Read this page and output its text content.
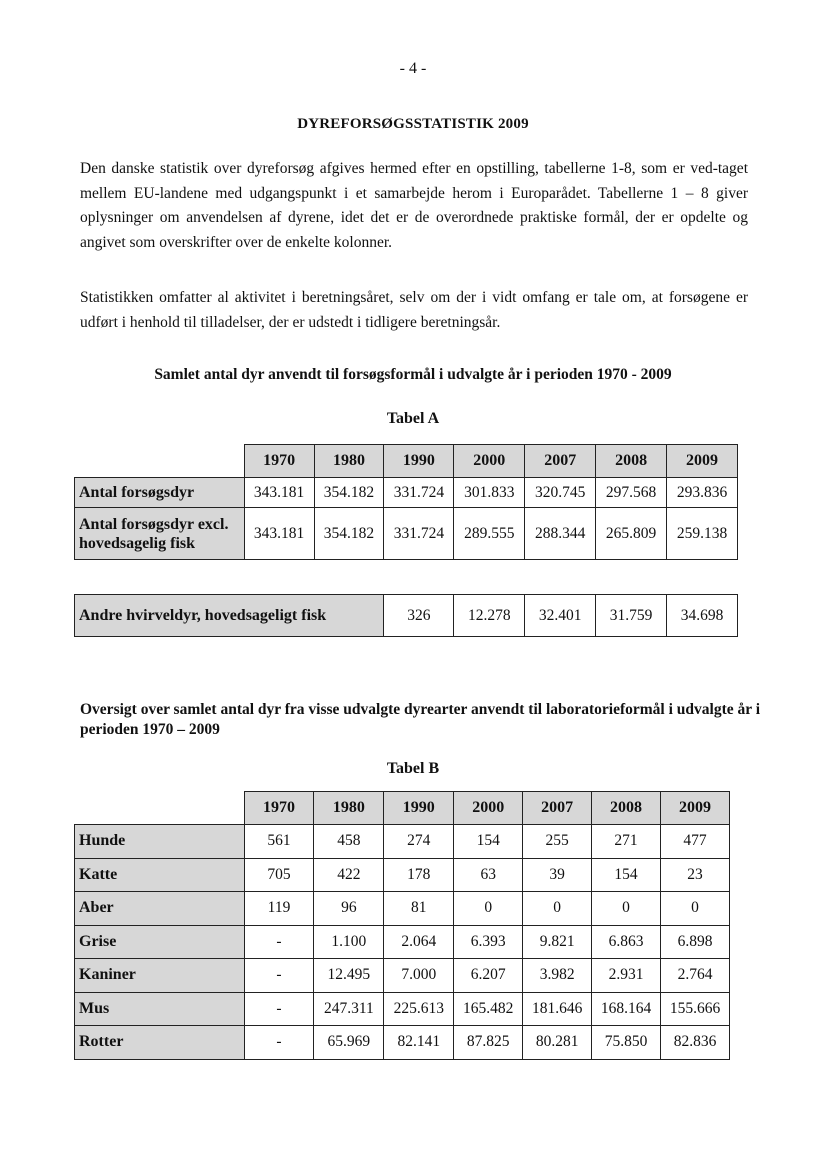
- 4 -
DYREFORSØGSSTATISTIK 2009
Den danske statistik over dyreforsøg afgives hermed efter en opstilling, tabellerne 1-8, som er ved-taget mellem EU-landene med udgangspunkt i et samarbejde herom i Europarådet. Tabellerne 1 – 8 giver oplysninger om anvendelsen af dyrene, idet det er de overordnede praktiske formål, der er opdelte og angivet som overskrifter over de enkelte kolonner.
Statistikken omfatter al aktivitet i beretningsåret, selv om der i vidt omfang er tale om, at forsøgene er udført i henhold til tilladelser, der er udstedt i tidligere beretningsår.
Samlet antal dyr anvendt til forsøgsformål i udvalgte år i perioden 1970 - 2009
Tabel A
	1970	1980	1990	2000	2007	2008	2009
Antal forsøgsdyr	343.181	354.182	331.724	301.833	320.745	297.568	293.836
Antal forsøgsdyr excl. hovedsagelig fisk	343.181	354.182	331.724	289.555	288.344	265.809	259.138
Andre hvirveldyr, hovedsageligt fisk	326	12.278	32.401	31.759	34.698
Oversigt over samlet antal dyr fra visse udvalgte dyrearter anvendt til laboratorieformål i udvalgte år i perioden 1970 – 2009
Tabel B
	1970	1980	1990	2000	2007	2008	2009
Hunde	561	458	274	154	255	271	477
Katte	705	422	178	63	39	154	23
Aber	119	96	81	0	0	0	0
Grise	-	1.100	2.064	6.393	9.821	6.863	6.898
Kaniner	-	12.495	7.000	6.207	3.982	2.931	2.764
Mus	-	247.311	225.613	165.482	181.646	168.164	155.666
Rotter	-	65.969	82.141	87.825	80.281	75.850	82.836
